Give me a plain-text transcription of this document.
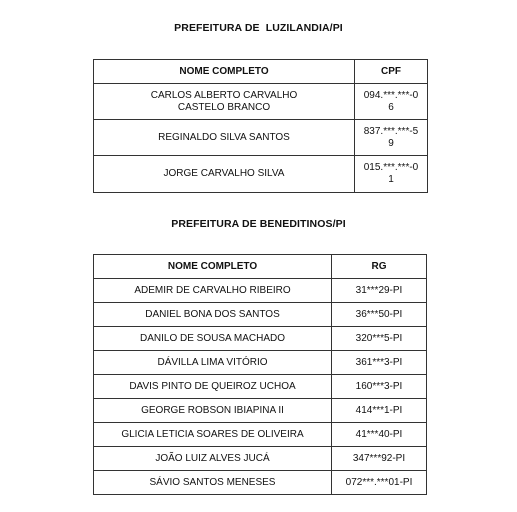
PREFEITURA DE  LUZILANDIA/PI
NOME COMPLETO	CPF
CARLOS ALBERTO CARVALHO CASTELO BRANCO	094.***.***-06
REGINALDO SILVA SANTOS	837.***.***-59
JORGE CARVALHO SILVA	015.***.***-01
PREFEITURA DE BENEDITINOS/PI
NOME COMPLETO	RG
ADEMIR DE CARVALHO RIBEIRO	31***29-PI
DANIEL BONA DOS SANTOS	36***50-PI
DANILO DE SOUSA MACHADO	320***5-PI
DÁVILLA LIMA VITÓRIO	361***3-PI
DAVIS PINTO DE QUEIROZ UCHOA	160***3-PI
GEORGE ROBSON IBIAPINA II	414***1-PI
GLICIA LETICIA SOARES DE OLIVEIRA	41***40-PI
JOÃO LUIZ ALVES JUCÁ	347***92-PI
SÁVIO SANTOS MENESES	072***.***01-PI
